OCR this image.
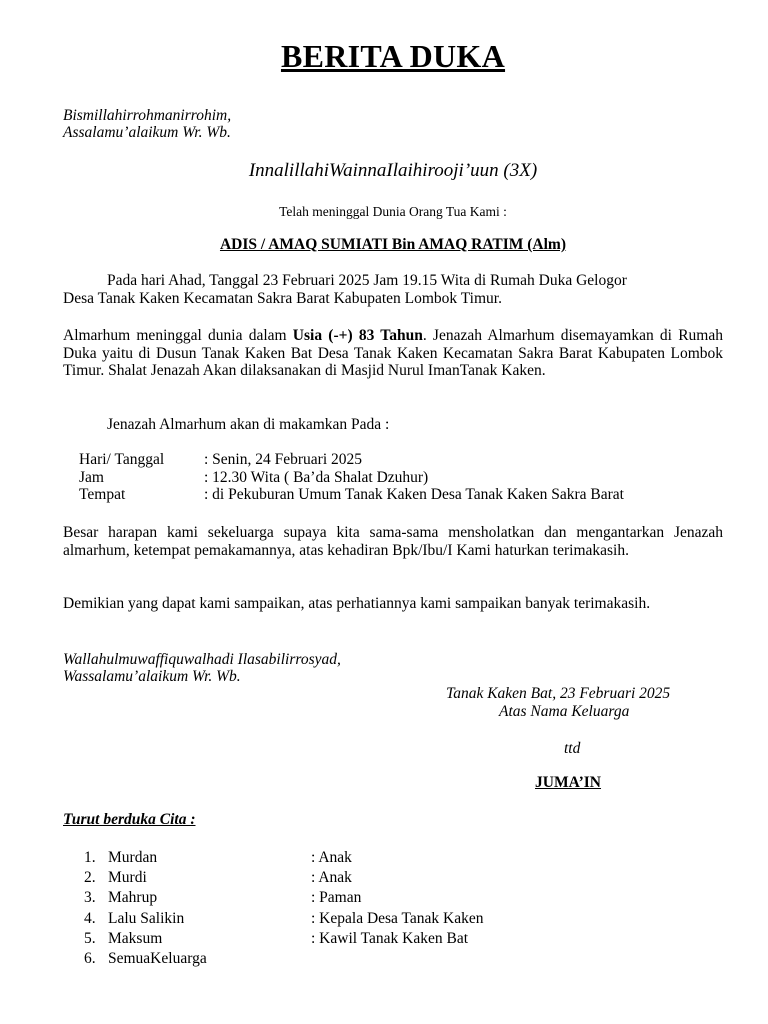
BERITA DUKA
Bismillahirrohmanirrohim,
Assalamu’alaikum Wr. Wb.
InnalillahiWainnaIlaihirooji’uun (3X)
Telah meninggal Dunia Orang Tua Kami :
ADIS / AMAQ SUMIATI Bin AMAQ RATIM (Alm)
Pada hari Ahad, Tanggal 23 Februari 2025 Jam 19.15 Wita di Rumah Duka Gelogor
Desa Tanak Kaken Kecamatan Sakra Barat Kabupaten Lombok Timur.
Almarhum meninggal dunia dalam Usia (-+) 83 Tahun. Jenazah Almarhum disemayamkan di Rumah Duka yaitu di Dusun Tanak Kaken Bat Desa Tanak Kaken Kecamatan Sakra Barat Kabupaten Lombok Timur. Shalat Jenazah Akan dilaksanakan di Masjid Nurul ImanTanak Kaken.
Jenazah Almarhum akan di makamkan Pada :
Hari/ Tanggal	: Senin, 24 Februari 2025
Jam	: 12.30 Wita ( Ba’da Shalat Dzuhur)
Tempat	: di Pekuburan Umum Tanak Kaken Desa Tanak Kaken Sakra Barat
Besar harapan kami sekeluarga supaya kita sama-sama mensholatkan dan mengantarkan Jenazah almarhum, ketempat pemakamannya, atas kehadiran Bpk/Ibu/I Kami haturkan terimakasih.
Demikian yang dapat kami sampaikan, atas perhatiannya kami sampaikan banyak terimakasih.
Wallahulmuwaffiquwalhadi Ilasabilirrosyad,
Wassalamu’alaikum Wr. Wb.
Tanak Kaken Bat, 23 Februari 2025
Atas Nama Keluarga
ttd
JUMA’IN
Turut berduka Cita :
1. Murdan	: Anak
2. Murdi	: Anak
3. Mahrup	: Paman
4. Lalu Salikin	: Kepala Desa Tanak Kaken
5. Maksum	: Kawil Tanak Kaken Bat
6. SemuaKeluarga
